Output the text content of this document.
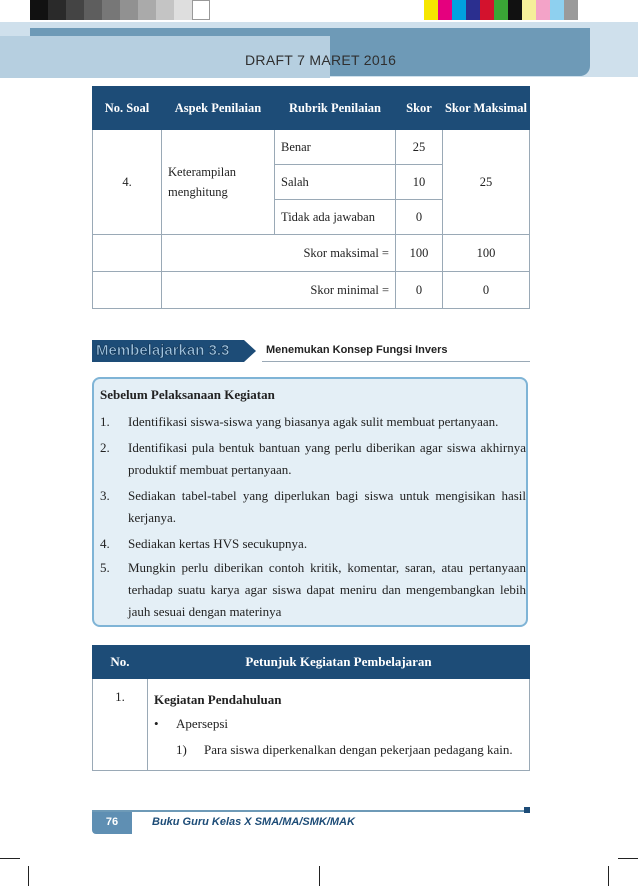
DRAFT 7 MARET 2016
No. Soal	Aspek Penilaian	Rubrik Penilaian	Skor	Skor Maksimal
4.	Keterampilan menghitung	Benar	25	25
		Salah	10	
		Tidak ada jawaban	0	
	Skor maksimal =		100	100
	Skor minimal =		0	0
Membelajarkan 3.3	Menemukan Konsep Fungsi Invers
Sebelum Pelaksanaan Kegiatan
1. Identifikasi siswa-siswa yang biasanya agak sulit membuat pertanyaan.
2. Identifikasi pula bentuk bantuan yang perlu diberikan agar siswa akhirnya produktif membuat pertanyaan.
3. Sediakan tabel-tabel yang diperlukan bagi siswa untuk mengisikan hasil kerjanya.
4. Sediakan kertas HVS secukupnya.
5. Mungkin perlu diberikan contoh kritik, komentar, saran, atau pertanyaan terhadap suatu karya agar siswa dapat meniru dan mengembangkan lebih jauh sesuai dengan materinya
No.	Petunjuk Kegiatan Pembelajaran
1.	Kegiatan Pendahuluan
• Apersepsi
1) Para siswa diperkenalkan dengan pekerjaan pedagang kain.
76	Buku Guru Kelas X SMA/MA/SMK/MAK
